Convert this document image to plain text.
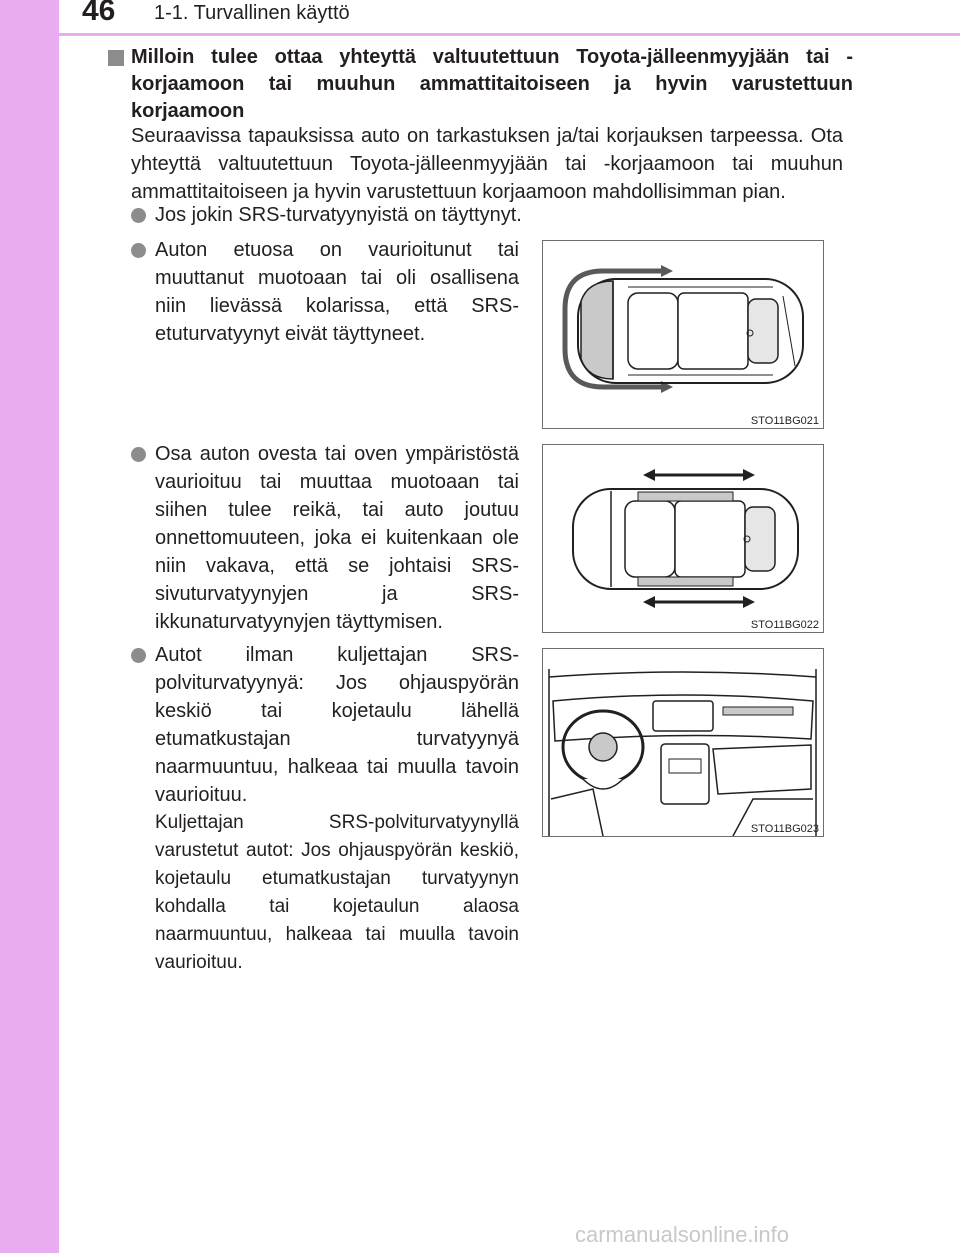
46 1-1. Turvallinen käyttö
Milloin tulee ottaa yhteyttä valtuutettuun Toyota-jälleenmyyjään tai -korjaamoon tai muuhun ammattitaitoiseen ja hyvin varustettuun korjaamoon
Seuraavissa tapauksissa auto on tarkastuksen ja/tai korjauksen tarpeessa. Ota yhteyttä valtuutettuun Toyota-jälleenmyyjään tai -korjaamoon tai muuhun ammattitaitoiseen ja hyvin varustettuun korjaamoon mahdollisimman pian.
Jos jokin SRS-turvatyynyistä on täyttynyt.
Auton etuosa on vaurioitunut tai muuttanut muotoaan tai oli osallisena niin lievässä kolarissa, että SRS-etuturvatyynyt eivät täyttyneet.
Osa auton ovesta tai oven ympäristöstä vaurioituu tai muuttaa muotoaan tai siihen tulee reikä, tai auto joutuu onnettomuuteen, joka ei kuitenkaan ole niin vakava, että se johtaisi SRS-sivuturvatyynyjen ja SRS-ikkunaturvatyynyjen täyttymisen.
Autot ilman kuljettajan SRS-polviturvatyynyä: Jos ohjauspyörän keskiö tai kojetaulu lähellä etumatkustajan turvatyynyä naarmuuntuu, halkeaa tai muulla tavoin vaurioituu.
Kuljettajan SRS-polviturvatyynyllä varustetut autot: Jos ohjauspyörän keskiö, kojetaulu etumatkustajan turvatyynyn kohdalla tai kojetaulun alaosa naarmuuntuu, halkeaa tai muulla tavoin vaurioituu.
STO11BG021
STO11BG022
STO11BG023
carmanualsonline.info
